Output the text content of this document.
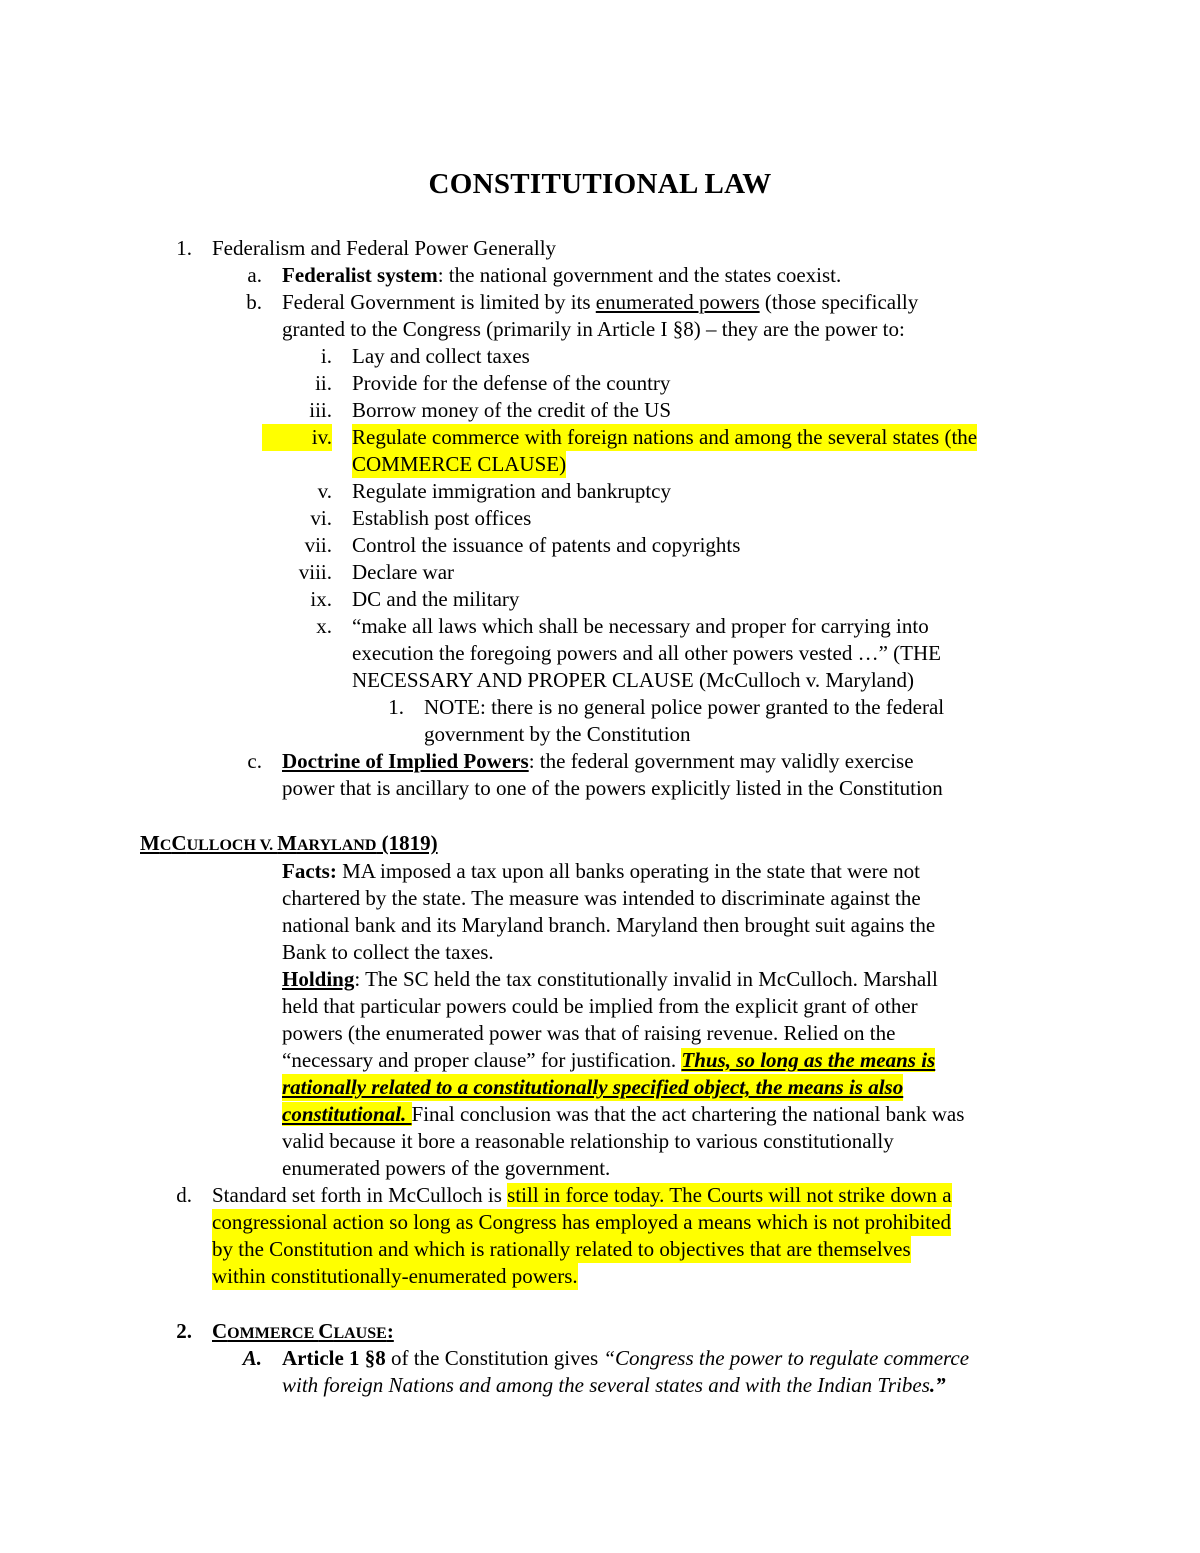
CONSTITUTIONAL LAW
1. Federalism and Federal Power Generally
a. Federalist system: the national government and the states coexist.
b. Federal Government is limited by its enumerated powers (those specifically
granted to the Congress (primarily in Article I §8) – they are the power to:
i. Lay and collect taxes
ii. Provide for the defense of the country
iii. Borrow money of the credit of the US
iv. Regulate commerce with foreign nations and among the several states (the
COMMERCE CLAUSE)
v. Regulate immigration and bankruptcy
vi. Establish post offices
vii. Control the issuance of patents and copyrights
viii. Declare war
ix. DC and the military
x. “make all laws which shall be necessary and proper for carrying into
execution the foregoing powers and all other powers vested …” (THE
NECESSARY AND PROPER CLAUSE (McCulloch v. Maryland)
1. NOTE: there is no general police power granted to the federal
government by the Constitution
c. Doctrine of Implied Powers: the federal government may validly exercise
power that is ancillary to one of the powers explicitly listed in the Constitution
MCCULLOCH V. MARYLAND (1819)
Facts: MA imposed a tax upon all banks operating in the state that were not
chartered by the state. The measure was intended to discriminate against the
national bank and its Maryland branch. Maryland then brought suit agains the
Bank to collect the taxes.
Holding: The SC held the tax constitutionally invalid in McCulloch. Marshall
held that particular powers could be implied from the explicit grant of other
powers (the enumerated power was that of raising revenue. Relied on the
“necessary and proper clause” for justification. Thus, so long as the means is
rationally related to a constitutionally specified object, the means is also
constitutional. Final conclusion was that the act chartering the national bank was
valid because it bore a reasonable relationship to various constitutionally
enumerated powers of the government.
d. Standard set forth in McCulloch is still in force today. The Courts will not strike down a
congressional action so long as Congress has employed a means which is not prohibited
by the Constitution and which is rationally related to objectives that are themselves
within constitutionally-enumerated powers.
2. COMMERCE CLAUSE:
A. Article 1 §8 of the Constitution gives “Congress the power to regulate commerce
with foreign Nations and among the several states and with the Indian Tribes.”
